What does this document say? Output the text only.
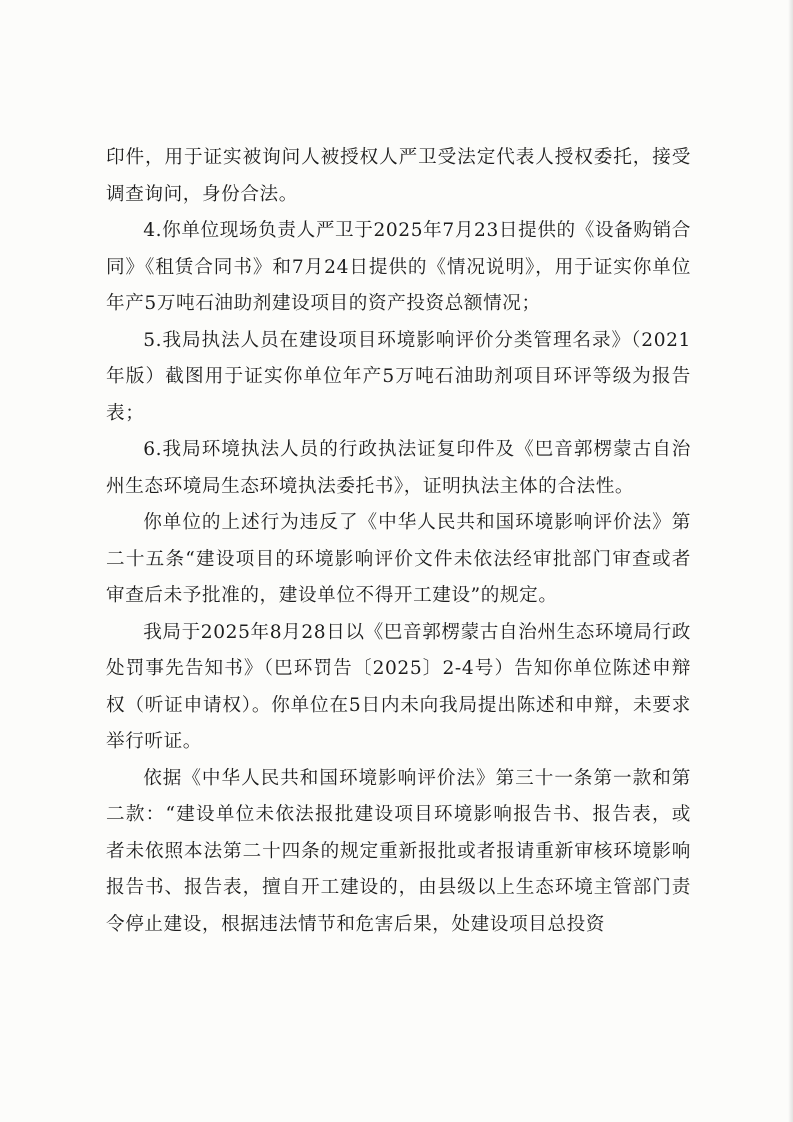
印件，用于证实被询问人被授权人严卫受法定代表人授权委托，接受调查询问，身份合法。

4.你单位现场负责人严卫于2025年7月23日提供的《设备购销合同》《租赁合同书》和7月24日提供的《情况说明》，用于证实你单位年产5万吨石油助剂建设项目的资产投资总额情况；

5.我局执法人员在建设项目环境影响评价分类管理名录》（2021年版）截图用于证实你单位年产5万吨石油助剂项目环评等级为报告表；

6.我局环境执法人员的行政执法证复印件及《巴音郭楞蒙古自治州生态环境局生态环境执法委托书》，证明执法主体的合法性。

你单位的上述行为违反了《中华人民共和国环境影响评价法》第二十五条“建设项目的环境影响评价文件未依法经审批部门审查或者审查后未予批准的，建设单位不得开工建设”的规定。

我局于2025年8月28日以《巴音郭楞蒙古自治州生态环境局行政处罚事先告知书》（巴环罚告〔2025〕2-4号）告知你单位陈述申辩权（听证申请权）。你单位在5日内未向我局提出陈述和申辩，未要求举行听证。

依据《中华人民共和国环境影响评价法》第三十一条第一款和第二款：“建设单位未依法报批建设项目环境影响报告书、报告表，或者未依照本法第二十四条的规定重新报批或者报请重新审核环境影响报告书、报告表，擅自开工建设的，由县级以上生态环境主管部门责令停止建设，根据违法情节和危害后果，处建设项目总投资
